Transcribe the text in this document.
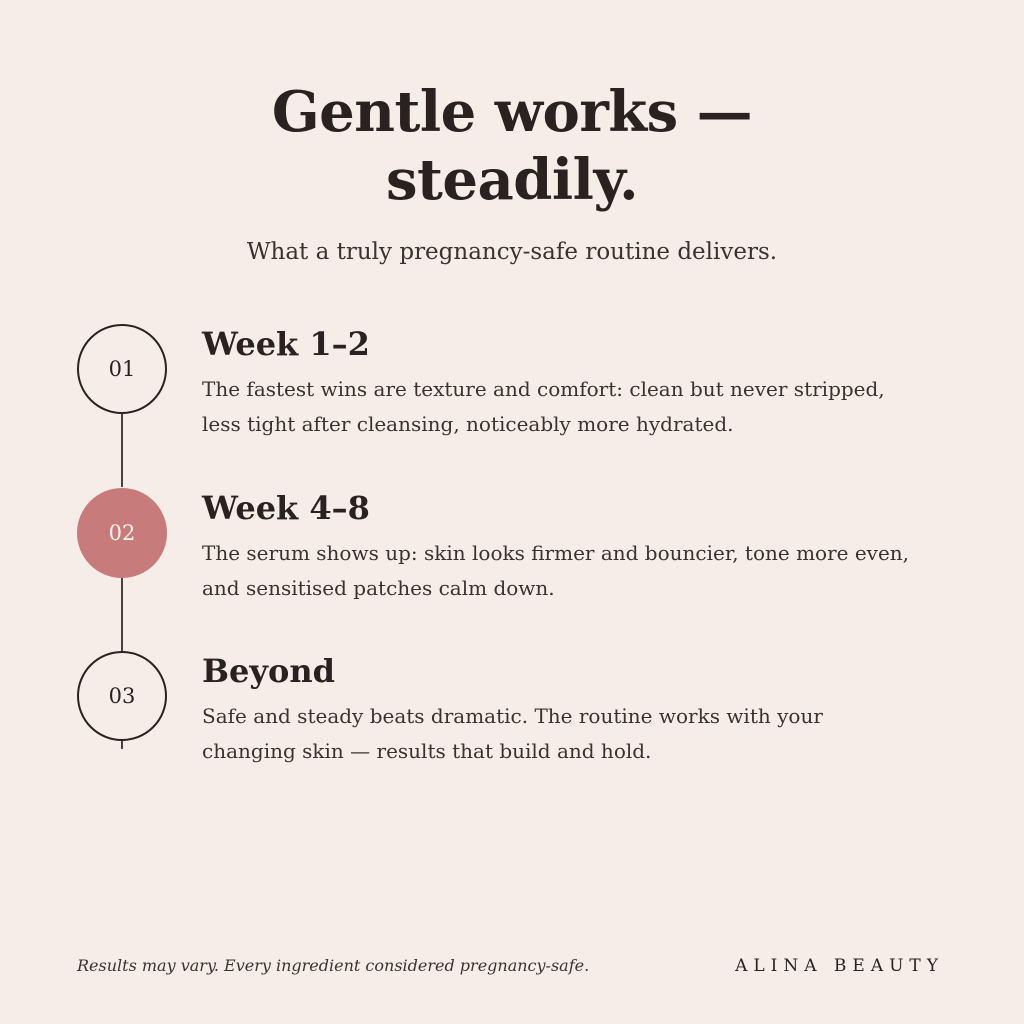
Gentle works —
steadily.
What a truly pregnancy-safe routine delivers.
01
Week 1–2

The fastest wins are texture and comfort: clean but never stripped, less tight after cleansing, noticeably more hydrated.

02
Week 4–8

The serum shows up: skin looks firmer and bouncier, tone more even, and sensitised patches calm down.

03
Beyond

Safe and steady beats dramatic. The routine works with your changing skin — results that build and hold.

Results may vary. Every ingredient considered pregnancy-safe.	ALINA BEAUTY
